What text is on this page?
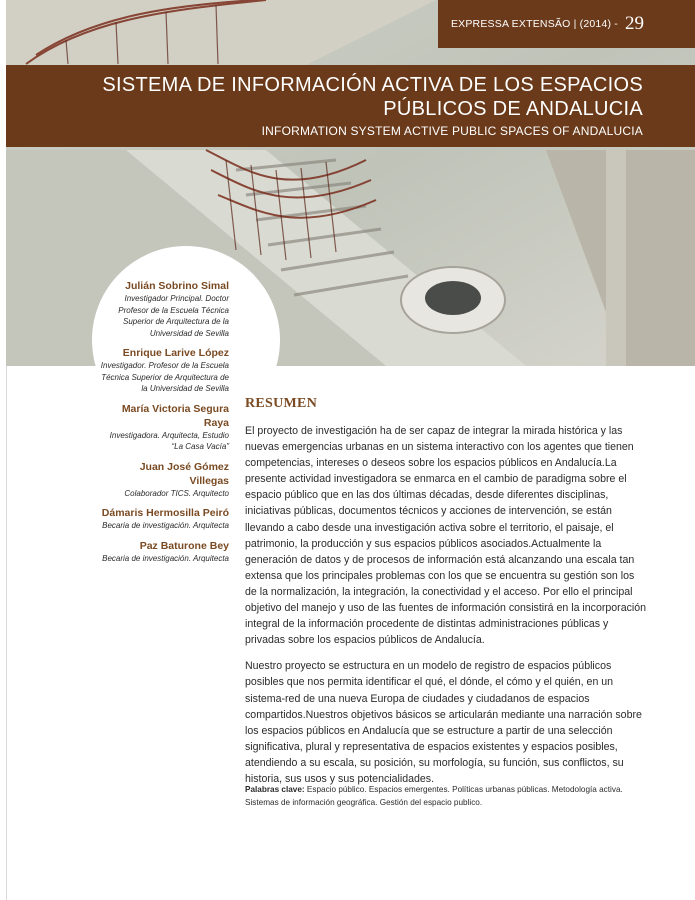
EXPRESSA EXTENSÃO | (2014) - 29
SISTEMA DE INFORMACIÓN ACTIVA DE LOS ESPACIOS PÚBLICOS DE ANDALUCIA
INFORMATION SYSTEM ACTIVE PUBLIC SPACES OF ANDALUCIA
Julián Sobrino Simal
Investigador Principal. Doctor Profesor de la Escuela Técnica Superior de Arquitectura de la Universidad de Sevilla
Enrique Larive López
Investigador. Profesor de la Escuela Técnica Superior de Arquitectura de la Universidad de Sevilla
María Victoria Segura Raya
Investigadora. Arquitecta, Estudio “La Casa Vacía”
Juan José Gómez Villegas
Colaborador TICS. Arquitecto
Dámaris Hermosilla Peiró
Becaria de investigación. Arquitecta
Paz Baturone Bey
Becaria de investigación. Arquitecta
RESUMEN

El proyecto de investigación ha de ser capaz de integrar la mirada histórica y las nuevas emergencias urbanas en un sistema interactivo con los agentes que tienen competencias, intereses o deseos sobre los espacios públicos en Andalucía.La presente actividad investigadora se enmarca en el cambio de paradigma sobre el espacio público que en las dos últimas décadas, desde diferentes disciplinas, iniciativas públicas, documentos técnicos y acciones de intervención, se están llevando a cabo desde una investigación activa sobre el territorio, el paisaje, el patrimonio, la producción y sus espacios públicos asociados.Actualmente la generación de datos y de procesos de información está alcanzando una escala tan extensa que los principales problemas con los que se encuentra su gestión son los de la normalización, la integración, la conectividad y el acceso. Por ello el principal objetivo del manejo y uso de las fuentes de información consistirá en la incorporación integral de la información procedente de distintas administraciones públicas y privadas sobre los espacios públicos de Andalucía.

Nuestro proyecto se estructura en un modelo de registro de espacios públicos posibles que nos permita identificar el qué, el dónde, el cómo y el quién, en un sistema-red de una nueva Europa de ciudades y ciudadanos de espacios compartidos.Nuestros objetivos básicos se articularán mediante una narración sobre los espacios públicos en Andalucía que se estructure a partir de una selección significativa, plural y representativa de espacios existentes y espacios posibles, atendiendo a su escala, su posición, su morfología, su función, sus conflictos, su historia, sus usos y sus potencialidades.

Palabras clave: Espacio público. Espacios emergentes. Políticas urbanas públicas. Metodología activa. Sistemas de información geográfica. Gestión del espacio publico.
